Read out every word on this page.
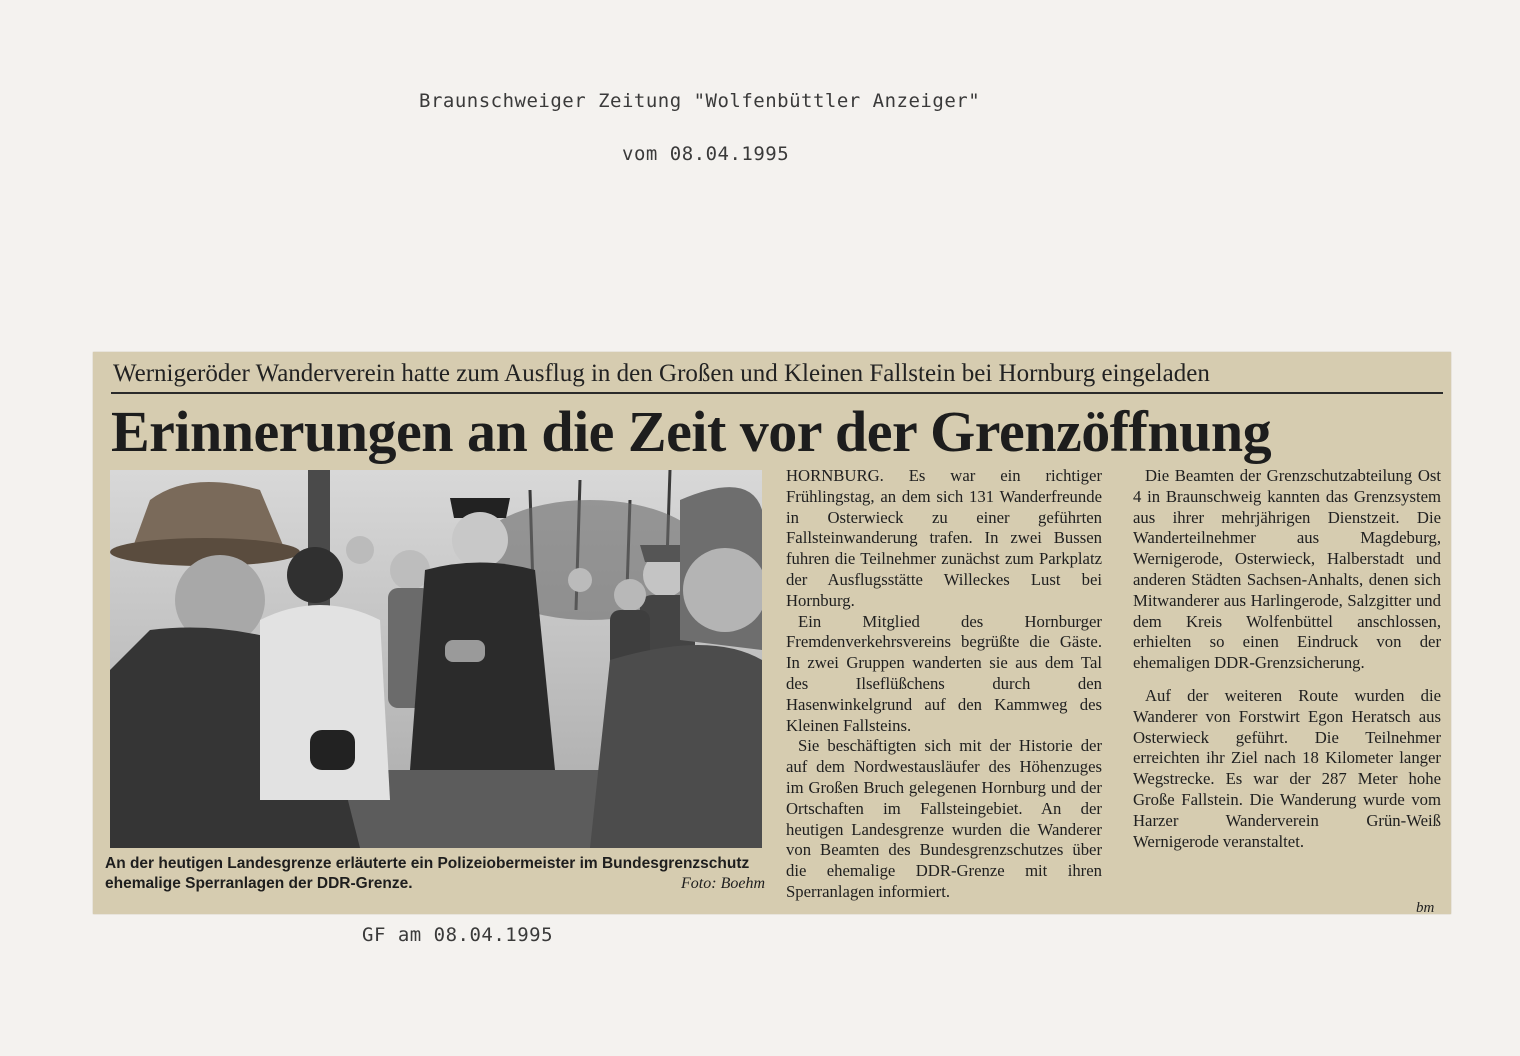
Braunschweiger Zeitung "Wolfenbüttler Anzeiger"
vom 08.04.1995
Wernigeröder Wanderverein hatte zum Ausflug in den Großen und Kleinen Fallstein bei Hornburg eingeladen
Erinnerungen an die Zeit vor der Grenzöffnung
An der heutigen Landesgrenze erläuterte ein Polizeiobermeister im Bundesgrenzschutz ehemalige Sperranlagen der DDR-Grenze.	Foto: Boehm

HORNBURG. Es war ein richtiger Frühlingstag, an dem sich 131 Wanderfreunde in Osterwieck zu einer geführten Fallsteinwanderung trafen. In zwei Bussen fuhren die Teilnehmer zunächst zum Parkplatz der Ausflugsstätte Willeckes Lust bei Hornburg.

Ein Mitglied des Hornburger Fremdenverkehrsvereins begrüßte die Gäste. In zwei Gruppen wanderten sie aus dem Tal des Ilseflüßchens durch den Hasenwinkelgrund auf den Kammweg des Kleinen Fallsteins.

Sie beschäftigten sich mit der Historie der auf dem Nordwestausläufer des Höhenzuges im Großen Bruch gelegenen Hornburg und der Ortschaften im Fallsteingebiet. An der heutigen Landesgrenze wurden die Wanderer von Beamten des Bundesgrenzschutzes über die ehemalige DDR-Grenze mit ihren Sperranlagen informiert.

Die Beamten der Grenzschutzabteilung Ost 4 in Braunschweig kannten das Grenzsystem aus ihrer mehrjährigen Dienstzeit. Die Wanderteilnehmer aus Magdeburg, Wernigerode, Osterwieck, Halberstadt und anderen Städten Sachsen-Anhalts, denen sich Mitwanderer aus Harlingerode, Salzgitter und dem Kreis Wolfenbüttel anschlossen, erhielten so einen Eindruck von der ehemaligen DDR-Grenzsicherung.

Auf der weiteren Route wurden die Wanderer von Forstwirt Egon Heratsch aus Osterwieck geführt. Die Teilnehmer erreichten ihr Ziel nach 18 Kilometer langer Wegstrecke. Es war der 287 Meter hohe Große Fallstein. Die Wanderung wurde vom Harzer Wanderverein Grün-Weiß Wernigerode veranstaltet.

bm
GF am 08.04.1995
